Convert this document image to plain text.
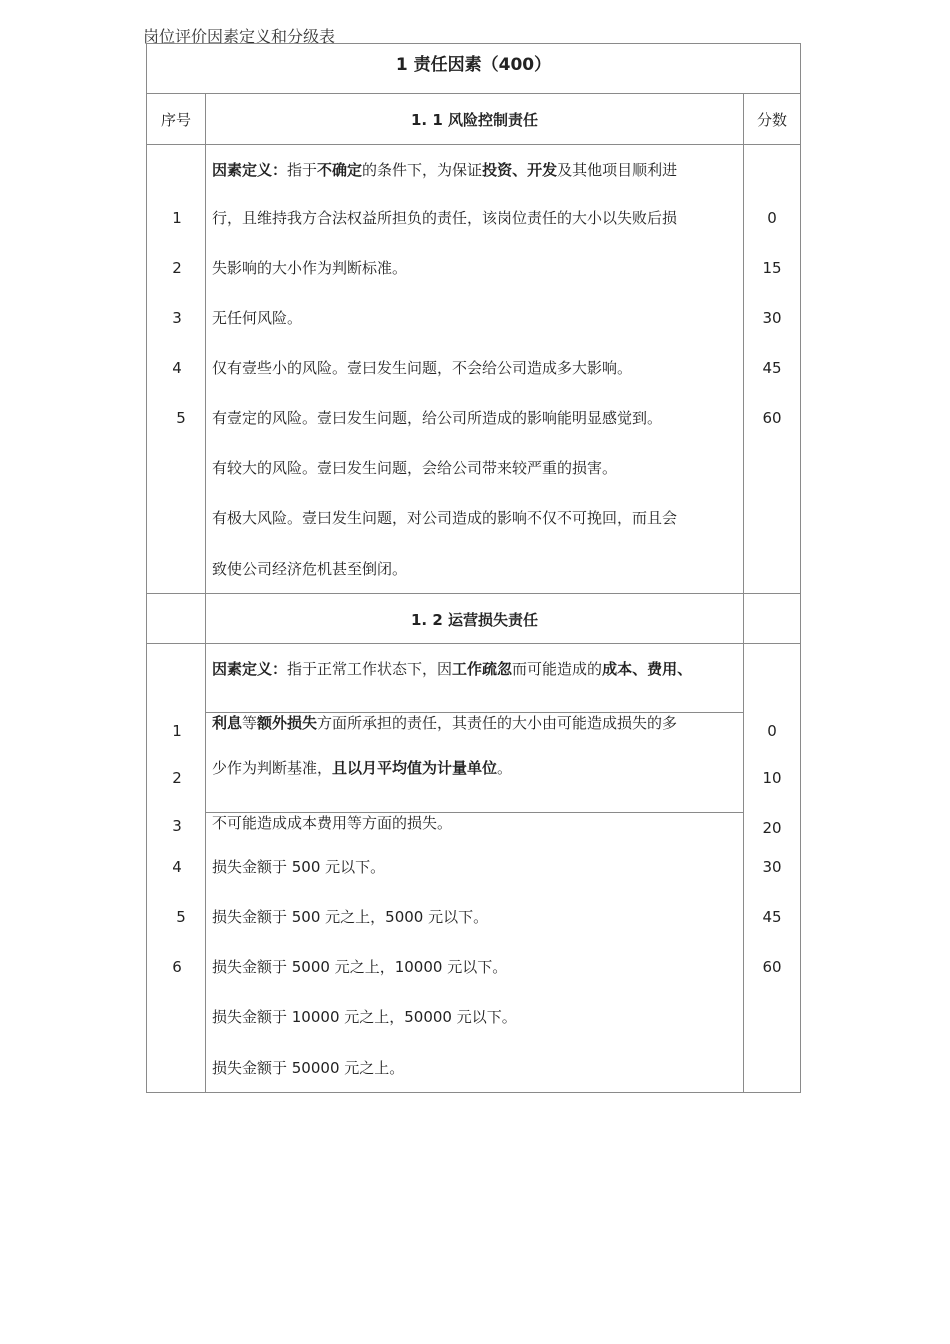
岗位评价因素定义和分级表
1 责任因素（400）
序号	1. 1 风险控制责任	分数
因素定义：指于不确定的条件下，为保证投资、开发及其他项目顺利进
行，且维持我方合法权益所担负的责任，该岗位责任的大小以失败后损
失影响的大小作为判断标准。
无任何风险。
仅有壹些小的风险。壹曰发生问题，不会给公司造成多大影响。
有壹定的风险。壹曰发生问题，给公司所造成的影响能明显感觉到。
有较大的风险。壹曰发生问题，会给公司带来较严重的损害。
有极大风险。壹曰发生问题，对公司造成的影响不仅不可挽回，而且会
致使公司经济危机甚至倒闭。
1
2
3
4
5
0
15
30
45
60
1. 2 运营损失责任
因素定义：指于正常工作状态下，因工作疏忽而可能造成的成本、费用、
利息等额外损失方面所承担的责任，其责任的大小由可能造成损失的多
少作为判断基准，且以月平均值为计量单位。
不可能造成成本费用等方面的损失。
损失金额于 500 元以下。
损失金额于 500 元之上，5000 元以下。
损失金额于 5000 元之上，10000 元以下。
损失金额于 10000 元之上，50000 元以下。
损失金额于 50000 元之上。
1
2
3
4
5
6
0
10
20
30
45
60
